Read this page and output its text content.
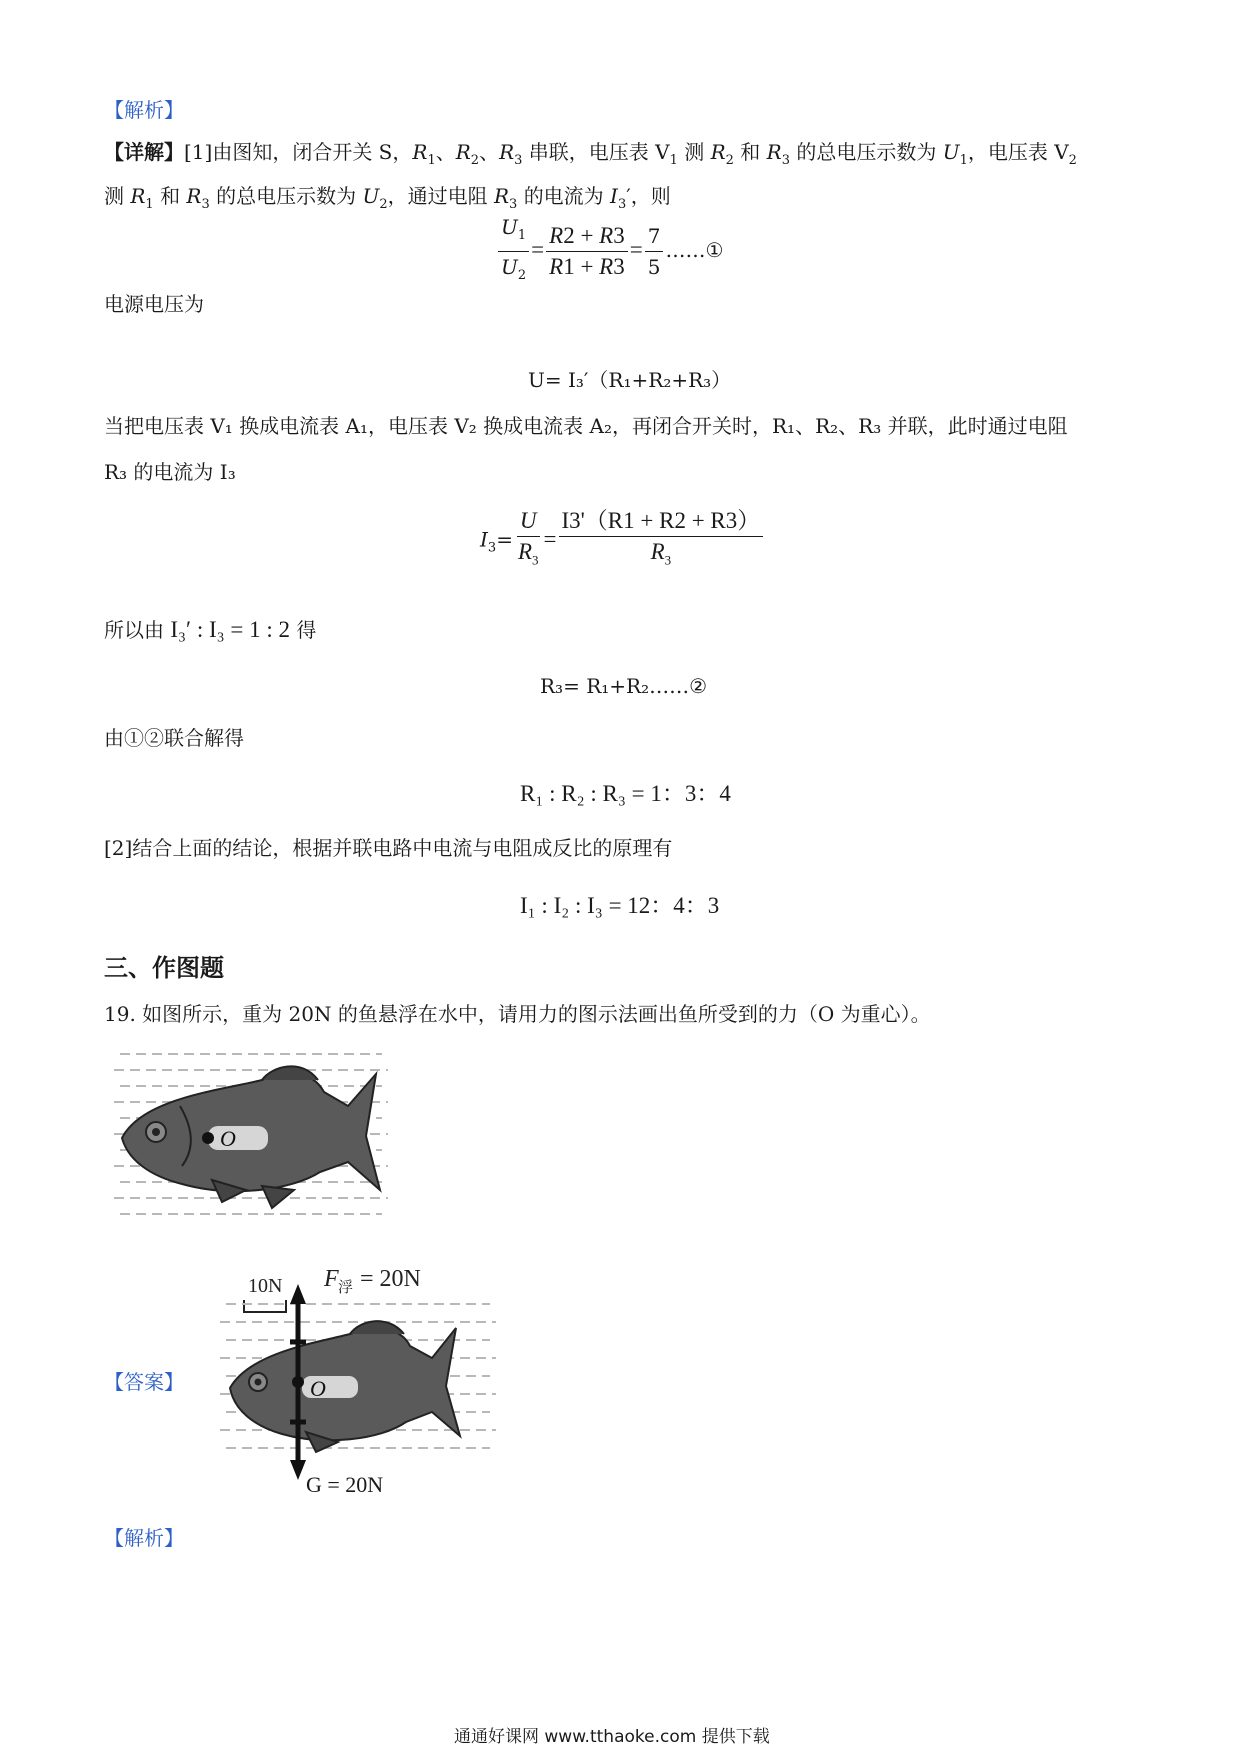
【解析】
【详解】[1]由图知，闭合开关 S，$R_1$、$R_2$、$R_3$ 串联，电压表 $V_1$ 测 $R_2$ 和 $R_3$ 的总电压示数为 $U_1$，电压表 $V_2$
测 $R_1$ 和 $R_3$ 的总电压示数为 $U_2$，通过电阻 $R_3$ 的电流为 $I_3'$，则
$\frac{U_1}{U_2} = \frac{R2 + R3}{R1 + R3} = \frac{7}{5}$ ……①
电源电压为
U= I₃′（R₁+R₂+R₃）
当把电压表 V₁ 换成电流表 A₁，电压表 V₂ 换成电流表 A₂，再闭合开关时，R₁、R₂、R₃ 并联，此时通过电阻
R₃ 的电流为 I₃
$I_3= \frac{U}{R_3} = \frac{I3'(R1 + R2 + R3)}{R_3}$
所以由 I₃′ : I₃ = 1 : 2 得
R₃= R₁+R₂……②
由①②联合解得
R₁ : R₂ : R₃ = 1：3：4
[2]结合上面的结论，根据并联电路中电流与电阻成反比的原理有
I₁ : I₂ : I₃ = 12：4：3
三、作图题
19. 如图所示，重为 20N 的鱼悬浮在水中，请用力的图示法画出鱼所受到的力（O 为重心）。
O
【答案】
10N F 浮 = 20N
O
G = 20N
【解析】
通通好课网 www.tthaoke.com 提供下载
